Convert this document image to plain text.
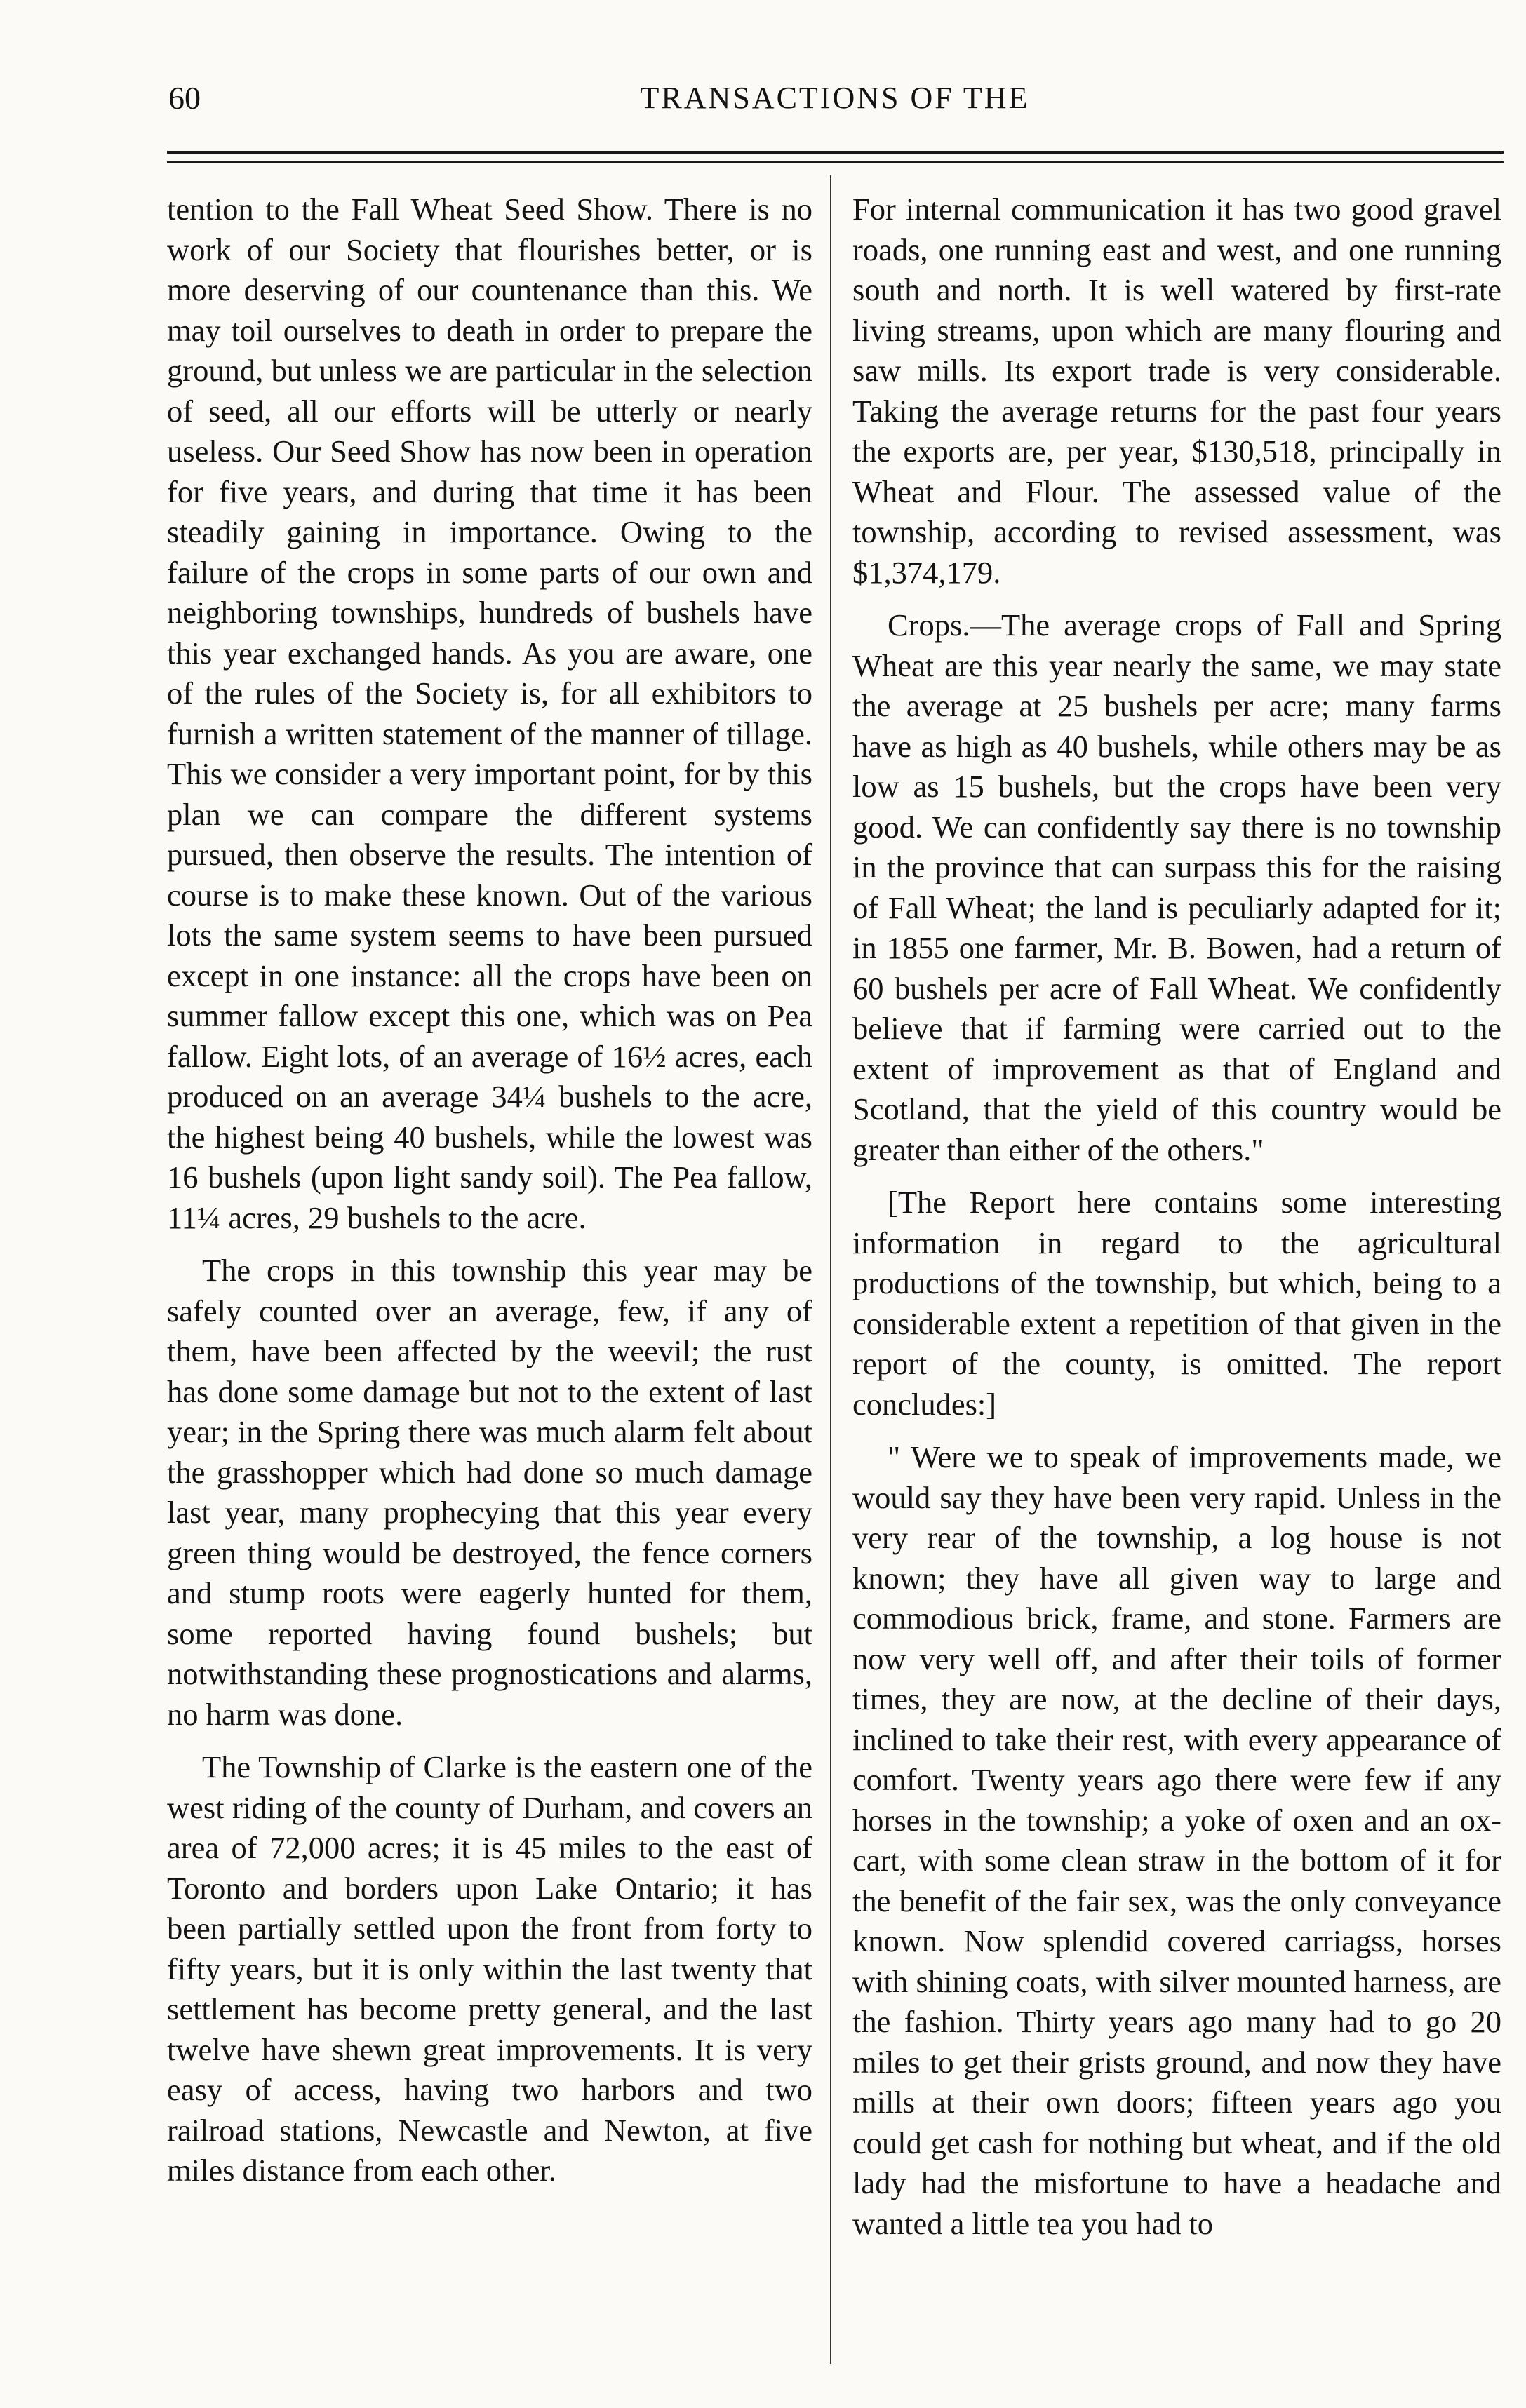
TRANSACTIONS OF THE
60

tention to the Fall Wheat Seed Show. There is no work of our Society that flourishes better, or is more deserving of our countenance than this. We may toil ourselves to death in order to prepare the ground, but unless we are particular in the selection of seed, all our efforts will be utterly or nearly useless. Our Seed Show has now been in operation for five years, and during that time it has been steadily gaining in importance. Owing to the failure of the crops in some parts of our own and neighboring townships, hundreds of bushels have this year exchanged hands. As you are aware, one of the rules of the Society is, for all exhibitors to furnish a written statement of the manner of tillage. This we consider a very important point, for by this plan we can compare the different systems pursued, then observe the results. The intention of course is to make these known. Out of the various lots the same system seems to have been pursued except in one instance: all the crops have been on summer fallow except this one, which was on Pea fallow. Eight lots, of an average of 16½ acres, each produced on an average 34¼ bushels to the acre, the highest being 40 bushels, while the lowest was 16 bushels (upon light sandy soil). The Pea fallow, 11¼ acres, 29 bushels to the acre.

The crops in this township this year may be safely counted over an average, few, if any of them, have been affected by the weevil; the rust has done some damage but not to the extent of last year; in the Spring there was much alarm felt about the grasshopper which had done so much damage last year, many prophecying that this year every green thing would be destroyed, the fence corners and stump roots were eagerly hunted for them, some reported having found bushels; but notwithstanding these prognostications and alarms, no harm was done.

The Township of Clarke is the eastern one of the west riding of the county of Durham, and covers an area of 72,000 acres; it is 45 miles to the east of Toronto and borders upon Lake Ontario; it has been partially settled upon the front from forty to fifty years, but it is only within the last twenty that settlement has become pretty general, and the last twelve have shewn great improvements. It is very easy of access, having two harbors and two railroad stations, Newcastle and Newton, at five miles distance from each other.

For internal communication it has two good gravel roads, one running east and west, and one running south and north. It is well watered by first-rate living streams, upon which are many flouring and saw mills. Its export trade is very considerable. Taking the average returns for the past four years the exports are, per year, $130,518, principally in Wheat and Flour. The assessed value of the township, according to revised assessment, was $1,374,179.

Crops.—The average crops of Fall and Spring Wheat are this year nearly the same, we may state the average at 25 bushels per acre; many farms have as high as 40 bushels, while others may be as low as 15 bushels, but the crops have been very good. We can confidently say there is no township in the province that can surpass this for the raising of Fall Wheat; the land is peculiarly adapted for it; in 1855 one farmer, Mr. B. Bowen, had a return of 60 bushels per acre of Fall Wheat. We confidently believe that if farming were carried out to the extent of improvement as that of England and Scotland, that the yield of this country would be greater than either of the others."

[The Report here contains some interesting information in regard to the agricultural productions of the township, but which, being to a considerable extent a repetition of that given in the report of the county, is omitted. The report concludes:]

" Were we to speak of improvements made, we would say they have been very rapid. Unless in the very rear of the township, a log house is not known; they have all given way to large and commodious brick, frame, and stone. Farmers are now very well off, and after their toils of former times, they are now, at the decline of their days, inclined to take their rest, with every appearance of comfort. Twenty years ago there were few if any horses in the township; a yoke of oxen and an ox-cart, with some clean straw in the bottom of it for the benefit of the fair sex, was the only conveyance known. Now splendid covered carriagss, horses with shining coats, with silver mounted harness, are the fashion. Thirty years ago many had to go 20 miles to get their grists ground, and now they have mills at their own doors; fifteen years ago you could get cash for nothing but wheat, and if the old lady had the misfortune to have a headache and wanted a little tea you had to
